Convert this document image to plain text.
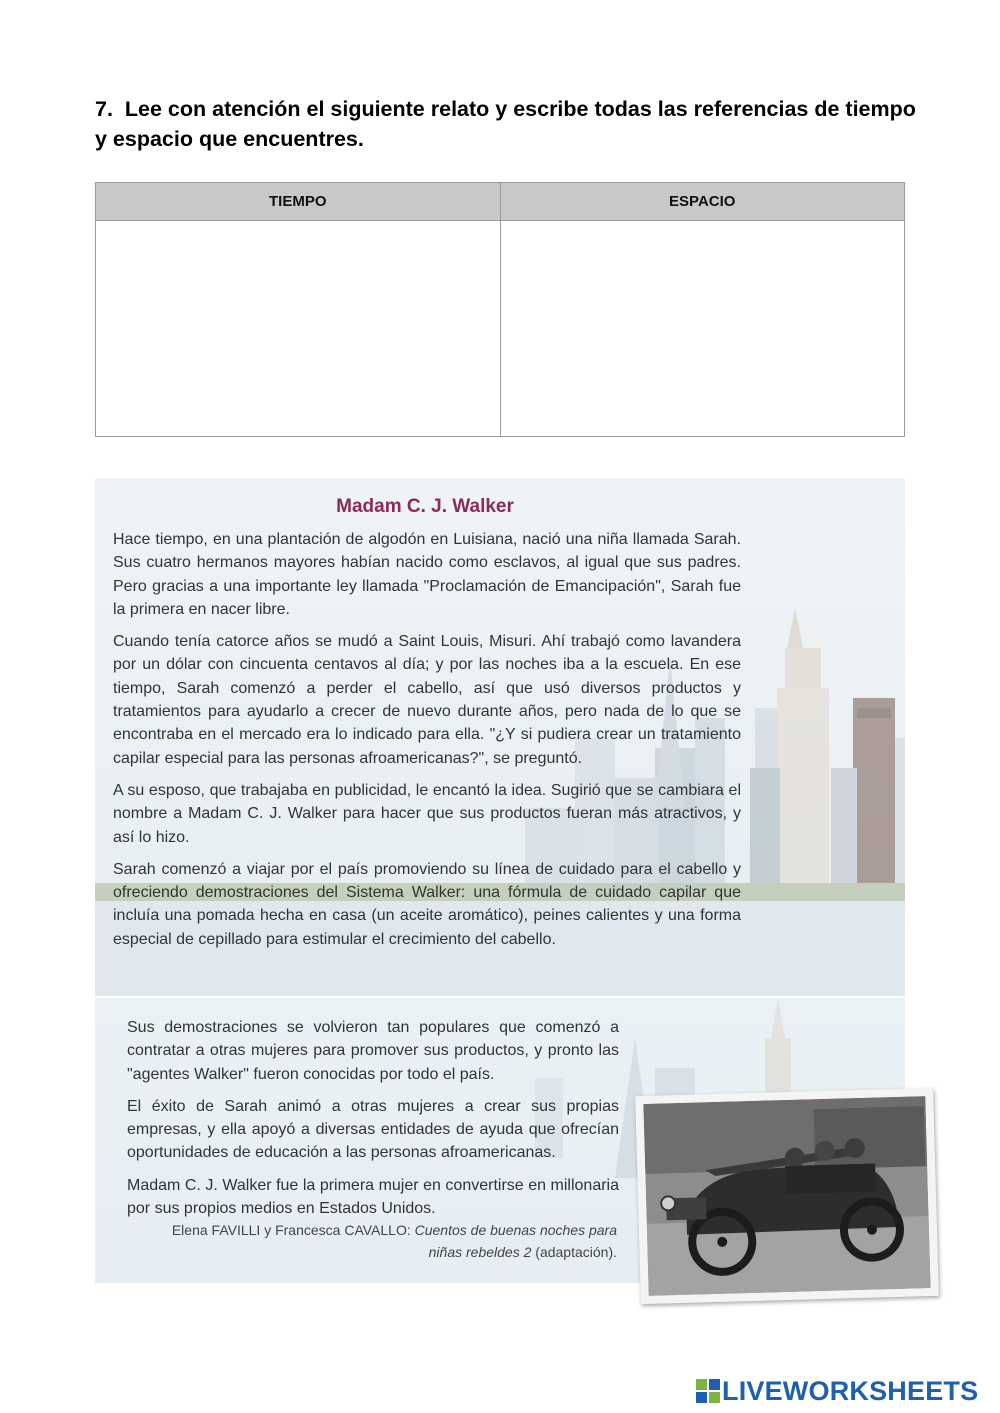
7. Lee con atención el siguiente relato y escribe todas las referencias de tiempo y espacio que encuentres.
TIEMPO	ESPACIO

Madam C. J. Walker

Hace tiempo, en una plantación de algodón en Luisiana, nació una niña llamada Sarah. Sus cuatro hermanos mayores habían nacido como esclavos, al igual que sus padres. Pero gracias a una importante ley llamada "Proclamación de Emancipación", Sarah fue la primera en nacer libre.

Cuando tenía catorce años se mudó a Saint Louis, Misuri. Ahí trabajó como lavandera por un dólar con cincuenta centavos al día; y por las noches iba a la escuela. En ese tiempo, Sarah comenzó a perder el cabello, así que usó diversos productos y tratamientos para ayudarlo a crecer de nuevo durante años, pero nada de lo que se encontraba en el mercado era lo indicado para ella. "¿Y si pudiera crear un tratamiento capilar especial para las personas afroamericanas?", se preguntó.

A su esposo, que trabajaba en publicidad, le encantó la idea. Sugirió que se cambiara el nombre a Madam C. J. Walker para hacer que sus productos fueran más atractivos, y así lo hizo.

Sarah comenzó a viajar por el país promoviendo su línea de cuidado para el cabello y ofreciendo demostraciones del Sistema Walker: una fórmula de cuidado capilar que incluía una pomada hecha en casa (un aceite aromático), peines calientes y una forma especial de cepillado para estimular el crecimiento del cabello.

Sus demostraciones se volvieron tan populares que comenzó a contratar a otras mujeres para promover sus productos, y pronto las "agentes Walker" fueron conocidas por todo el país.

El éxito de Sarah animó a otras mujeres a crear sus propias empresas, y ella apoyó a diversas entidades de ayuda que ofrecían oportunidades de educación a las personas afroamericanas.

Madam C. J. Walker fue la primera mujer en convertirse en millonaria por sus propios medios en Estados Unidos.

Elena FAVILLI y Francesca CAVALLO: Cuentos de buenas noches para niñas rebeldes 2 (adaptación).
LIVEWORKSHEETS
